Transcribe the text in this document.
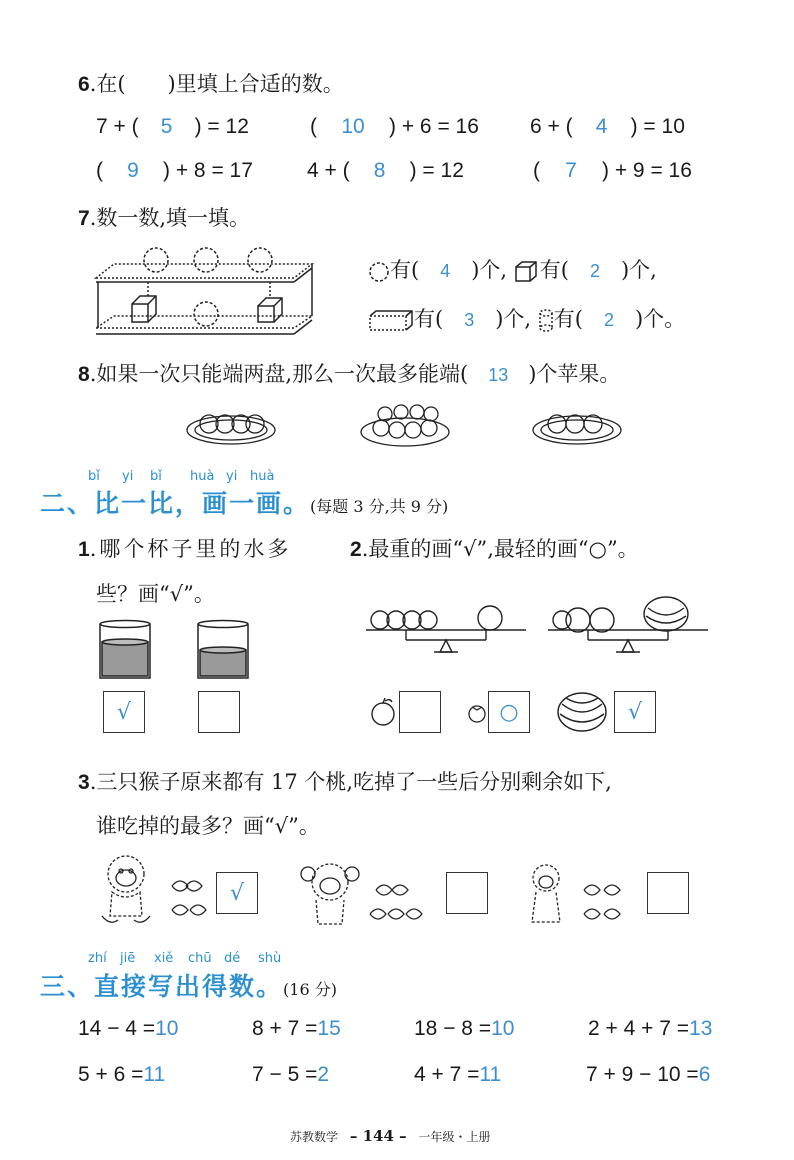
6.在(　　)里填上合适的数。
7 + ( 5 ) = 12	( 10 ) + 6 = 16 6 + ( 4 ) = 10
( 9 ) + 8 = 17	4 + ( 8 ) = 12	( 7 ) + 9 = 16
7.数一数,填一填。
有( 4 )个, 有( 2 )个,
有( 3 )个, 有( 2 )个。
8.如果一次只能端两盘,那么一次最多能端( 13 )个苹果。
bǐ yi bǐ huà yi huà
二、比一比，画一画。(每题 3 分,共 9 分)
1.哪个杯子里的水多
些？画“√”。
√
2.最重的画“√”,最轻的画“○”。
○	√
3.三只猴子原来都有 17 个桃,吃掉了一些后分别剩余如下,
谁吃掉的最多？画“√”。
√
zhí jiē xiě chū dé shù
三、直接写出得数。(16 分)
14 − 4 =10	8 + 7 =15	18 − 8 =10	2 + 4 + 7 =13
5 + 6 =11	7 − 5 =2	4 + 7 =11	7 + 9 − 10 =6
苏教数学 – 144 – 一年级・上册
